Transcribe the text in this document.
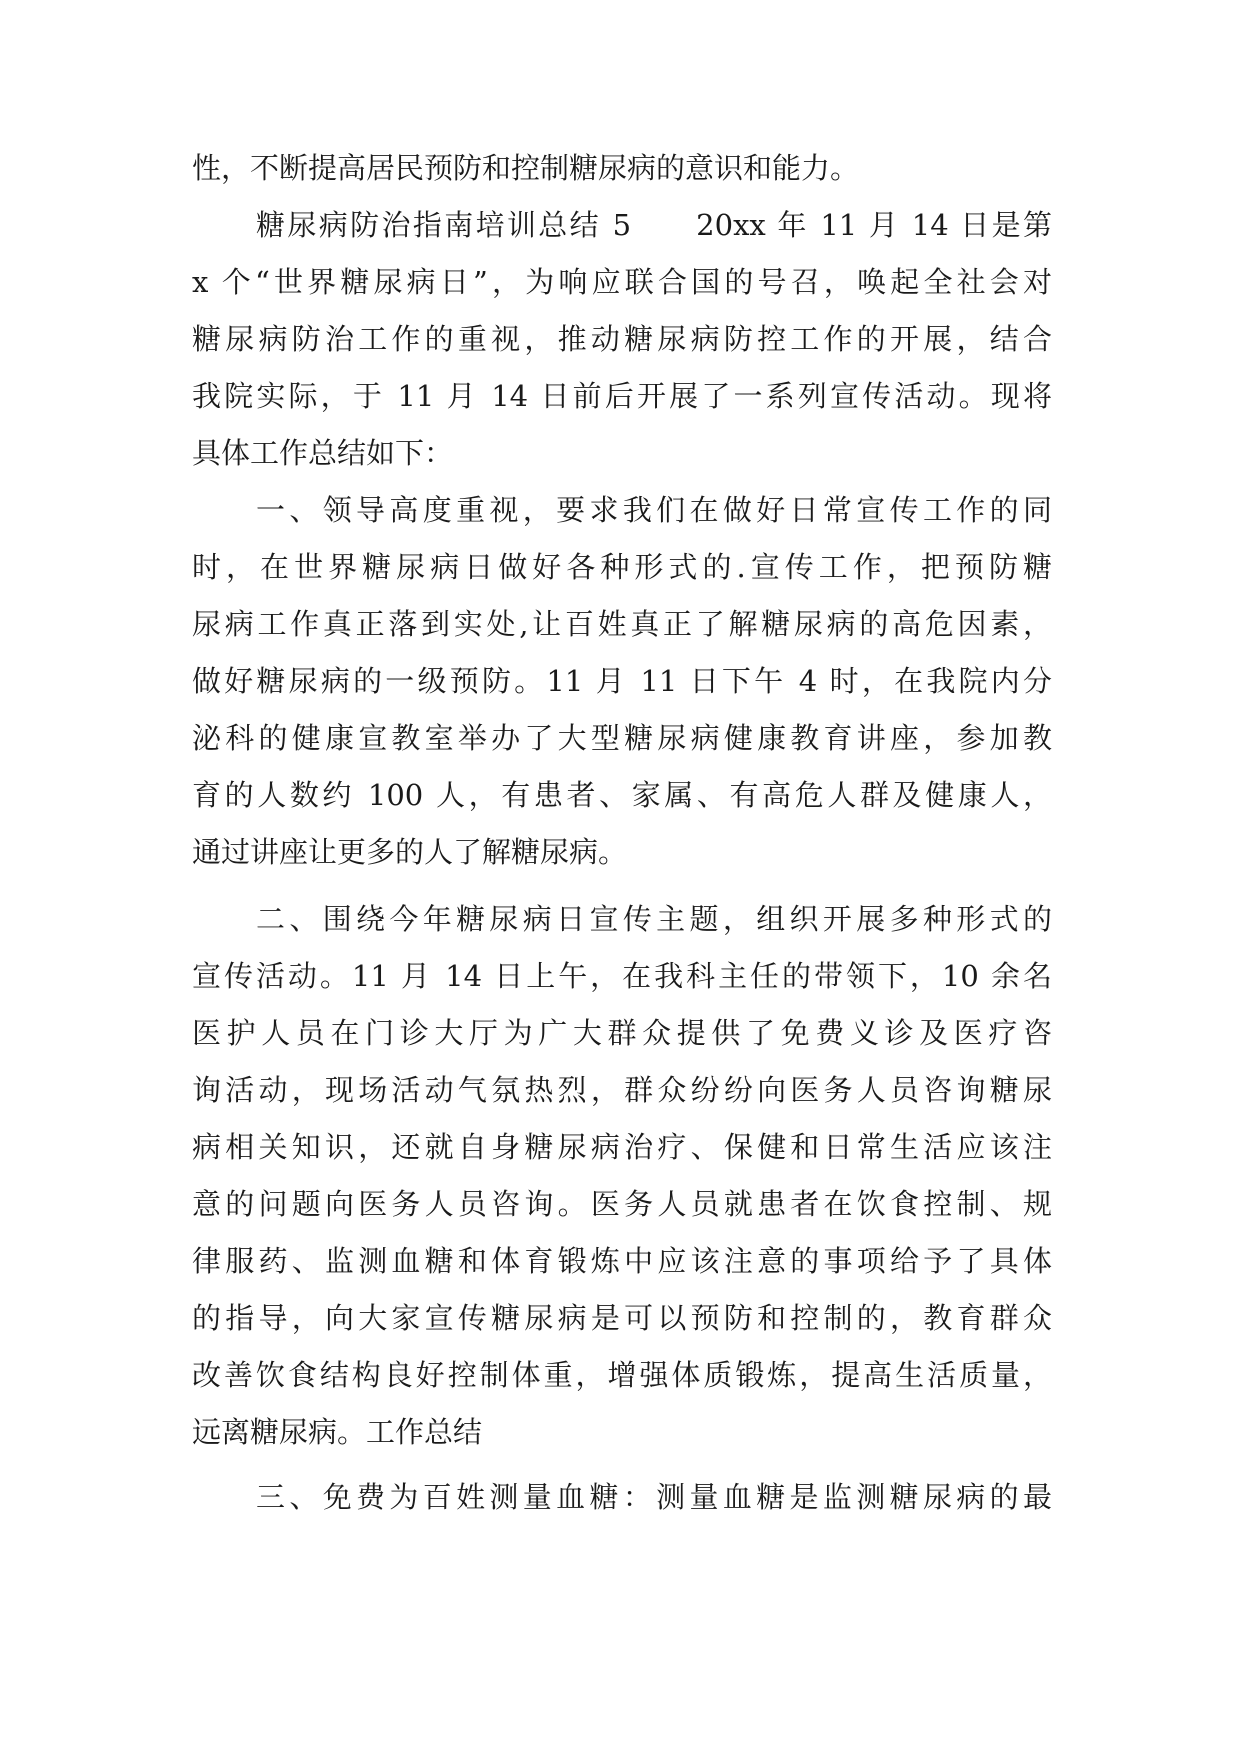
性，不断提高居民预防和控制糖尿病的意识和能力。
糖尿病防治指南培训总结 5　　20xx 年 11 月 14 日是第
x 个“世界糖尿病日”，为响应联合国的号召，唤起全社会对
糖尿病防治工作的重视，推动糖尿病防控工作的开展，结合
我院实际，于 11 月 14 日前后开展了一系列宣传活动。现将
具体工作总结如下：
一、领导高度重视，要求我们在做好日常宣传工作的同
时，在世界糖尿病日做好各种形式的.宣传工作，把预防糖
尿病工作真正落到实处,让百姓真正了解糖尿病的高危因素，
做好糖尿病的一级预防。11 月 11 日下午 4 时，在我院内分
泌科的健康宣教室举办了大型糖尿病健康教育讲座，参加教
育的人数约 100 人，有患者、家属、有高危人群及健康人，
通过讲座让更多的人了解糖尿病。
二、围绕今年糖尿病日宣传主题，组织开展多种形式的
宣传活动。11 月 14 日上午，在我科主任的带领下，10 余名
医护人员在门诊大厅为广大群众提供了免费义诊及医疗咨
询活动，现场活动气氛热烈，群众纷纷向医务人员咨询糖尿
病相关知识，还就自身糖尿病治疗、保健和日常生活应该注
意的问题向医务人员咨询。医务人员就患者在饮食控制、规
律服药、监测血糖和体育锻炼中应该注意的事项给予了具体
的指导，向大家宣传糖尿病是可以预防和控制的，教育群众
改善饮食结构良好控制体重，增强体质锻炼，提高生活质量，
远离糖尿病。工作总结
三、免费为百姓测量血糖：测量血糖是监测糖尿病的最
